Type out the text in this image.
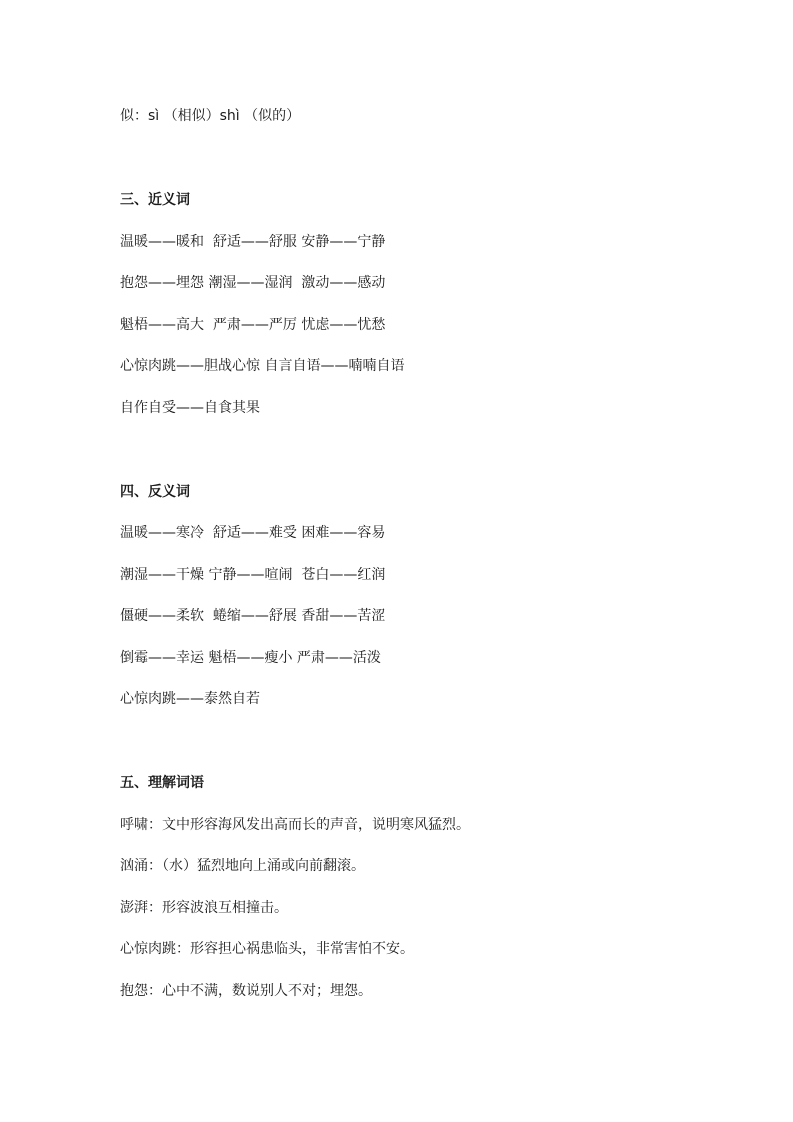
似：sì （相似）shì （似的）
三、近义词
温暖——暖和  舒适——舒服 安静——宁静
抱怨——埋怨 潮湿——湿润  激动——感动
魁梧——高大  严肃——严厉 忧虑——忧愁
心惊肉跳——胆战心惊 自言自语——喃喃自语
自作自受——自食其果
四、反义词
温暖——寒冷  舒适——难受 困难——容易
潮湿——干燥 宁静——喧闹  苍白——红润
僵硬——柔软  蜷缩——舒展 香甜——苦涩
倒霉——幸运 魁梧——瘦小 严肃——活泼
心惊肉跳——泰然自若
五、理解词语
呼啸：文中形容海风发出高而长的声音，说明寒风猛烈。
汹涌：（水）猛烈地向上涌或向前翻滚。
澎湃：形容波浪互相撞击。
心惊肉跳：形容担心祸患临头，非常害怕不安。
抱怨：心中不满，数说别人不对；埋怨。
